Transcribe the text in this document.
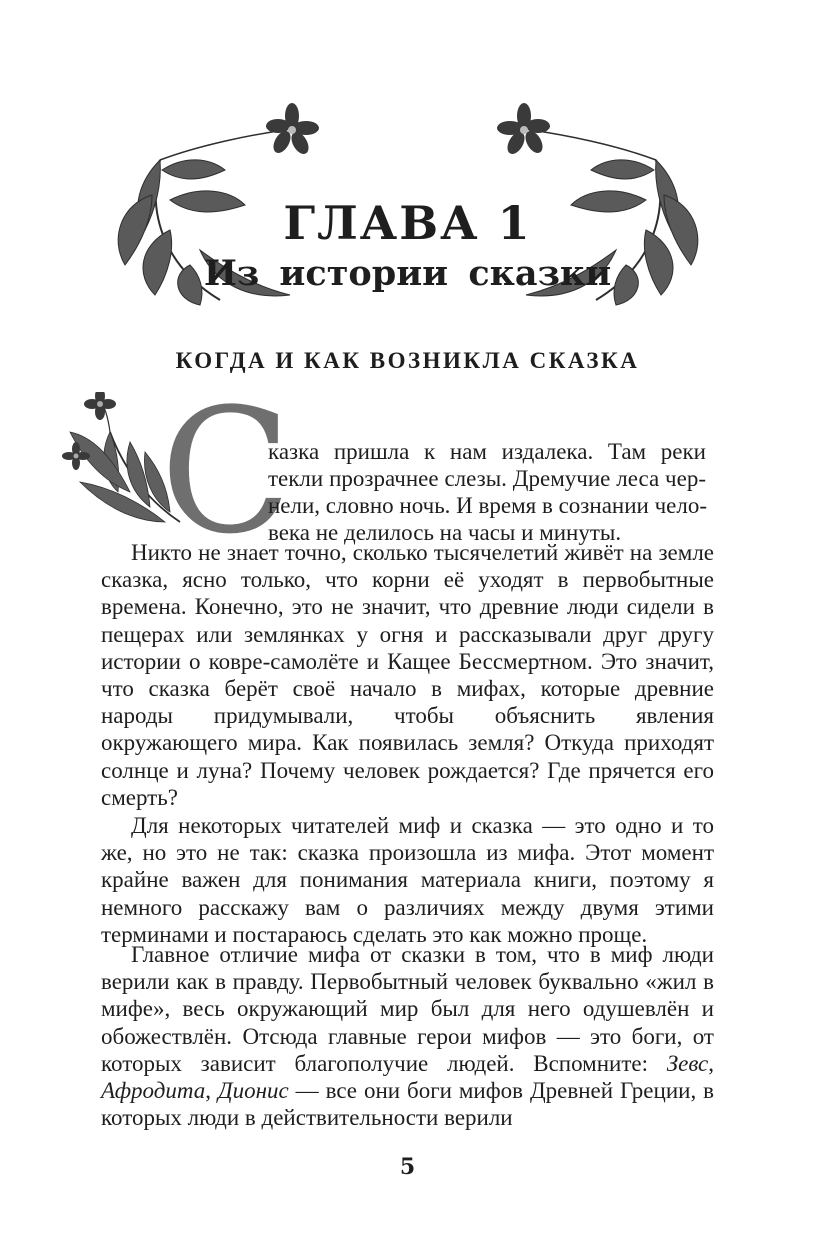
ГЛАВА 1
Из истории сказки
КОГДА И КАК ВОЗНИКЛА СКАЗКА
С
казка пришла к нам издалека. Там реки
текли прозрачнее слезы. Дремучие леса чер-
нели, словно ночь. И время в сознании чело-
века не делилось на часы и минуты.

Никто не знает точно, сколько тысячелетий живёт на земле сказка, ясно только, что корни её уходят в первобытные времена. Конечно, это не значит, что древние люди сидели в пещерах или землянках у огня и рассказывали друг другу истории о ковре-самолёте и Кащее Бессмертном. Это значит, что сказка берёт своё начало в мифах, которые древние народы придумывали, чтобы объяснить явления окружающего мира. Как появилась земля? Откуда приходят солнце и луна? Почему человек рождается? Где прячется его смерть?

Для некоторых читателей миф и сказка — это одно и то же, но это не так: сказка произошла из мифа. Этот момент крайне важен для понимания материала книги, поэтому я немного расскажу вам о различиях между двумя этими терминами и постараюсь сделать это как можно проще.

Главное отличие мифа от сказки в том, что в миф люди верили как в правду. Первобытный человек буквально «жил в мифе», весь окружающий мир был для него одушевлён и обожествлён. Отсюда главные герои мифов — это боги, от которых зависит благополучие людей. Вспомните: Зевс, Афродита, Дионис — все они боги мифов Древней Греции, в которых люди в действительности верили

5
